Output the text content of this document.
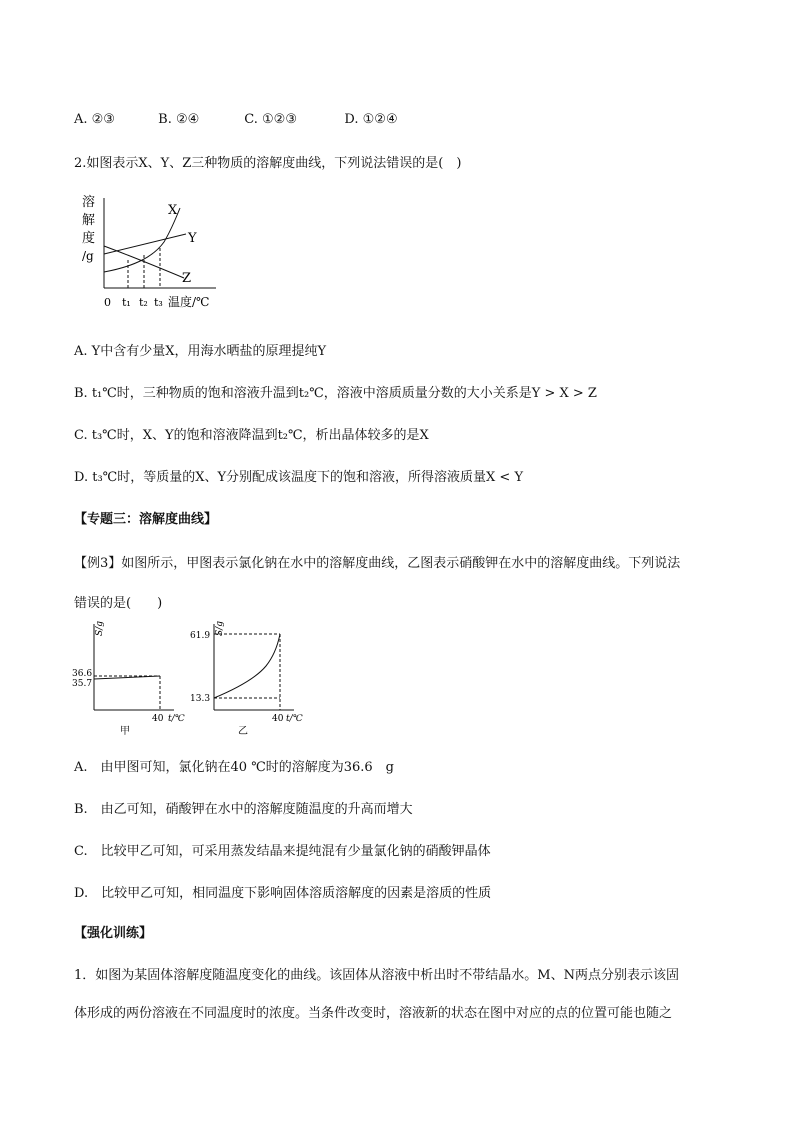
A. ②③	B. ②④	C. ①②③	D. ①②④
2.如图表示X、Y、Z三种物质的溶解度曲线，下列说法错误的是(　)
溶
解
度
/g
X
Y
Z
0 t₁ t₂ t₃ 温度/℃
A. Y中含有少量X，用海水晒盐的原理提纯Y
B. t₁℃时，三种物质的饱和溶液升温到t₂℃，溶液中溶质质量分数的大小关系是Y > X > Z
C. t₃℃时，X、Y的饱和溶液降温到t₂℃，析出晶体较多的是X
D. t₃℃时，等质量的X、Y分别配成该温度下的饱和溶液，所得溶液质量X < Y
【专题三：溶解度曲线】
【例3】如图所示，甲图表示氯化钠在水中的溶解度曲线，乙图表示硝酸钾在水中的溶解度曲线。下列说法
错误的是(　　)
S/g
36.6
35.7
40 t/℃
甲
S/g
61.9
13.3
40 t/℃
乙
A.　由甲图可知，氯化钠在40 ℃时的溶解度为36.6　g
B.　由乙可知，硝酸钾在水中的溶解度随温度的升高而增大
C.　比较甲乙可知，可采用蒸发结晶来提纯混有少量氯化钠的硝酸钾晶体
D.　比较甲乙可知，相同温度下影响固体溶质溶解度的因素是溶质的性质
【强化训练】
1．如图为某固体溶解度随温度变化的曲线。该固体从溶液中析出时不带结晶水。M、N两点分别表示该固
体形成的两份溶液在不同温度时的浓度。当条件改变时，溶液新的状态在图中对应的点的位置可能也随之
